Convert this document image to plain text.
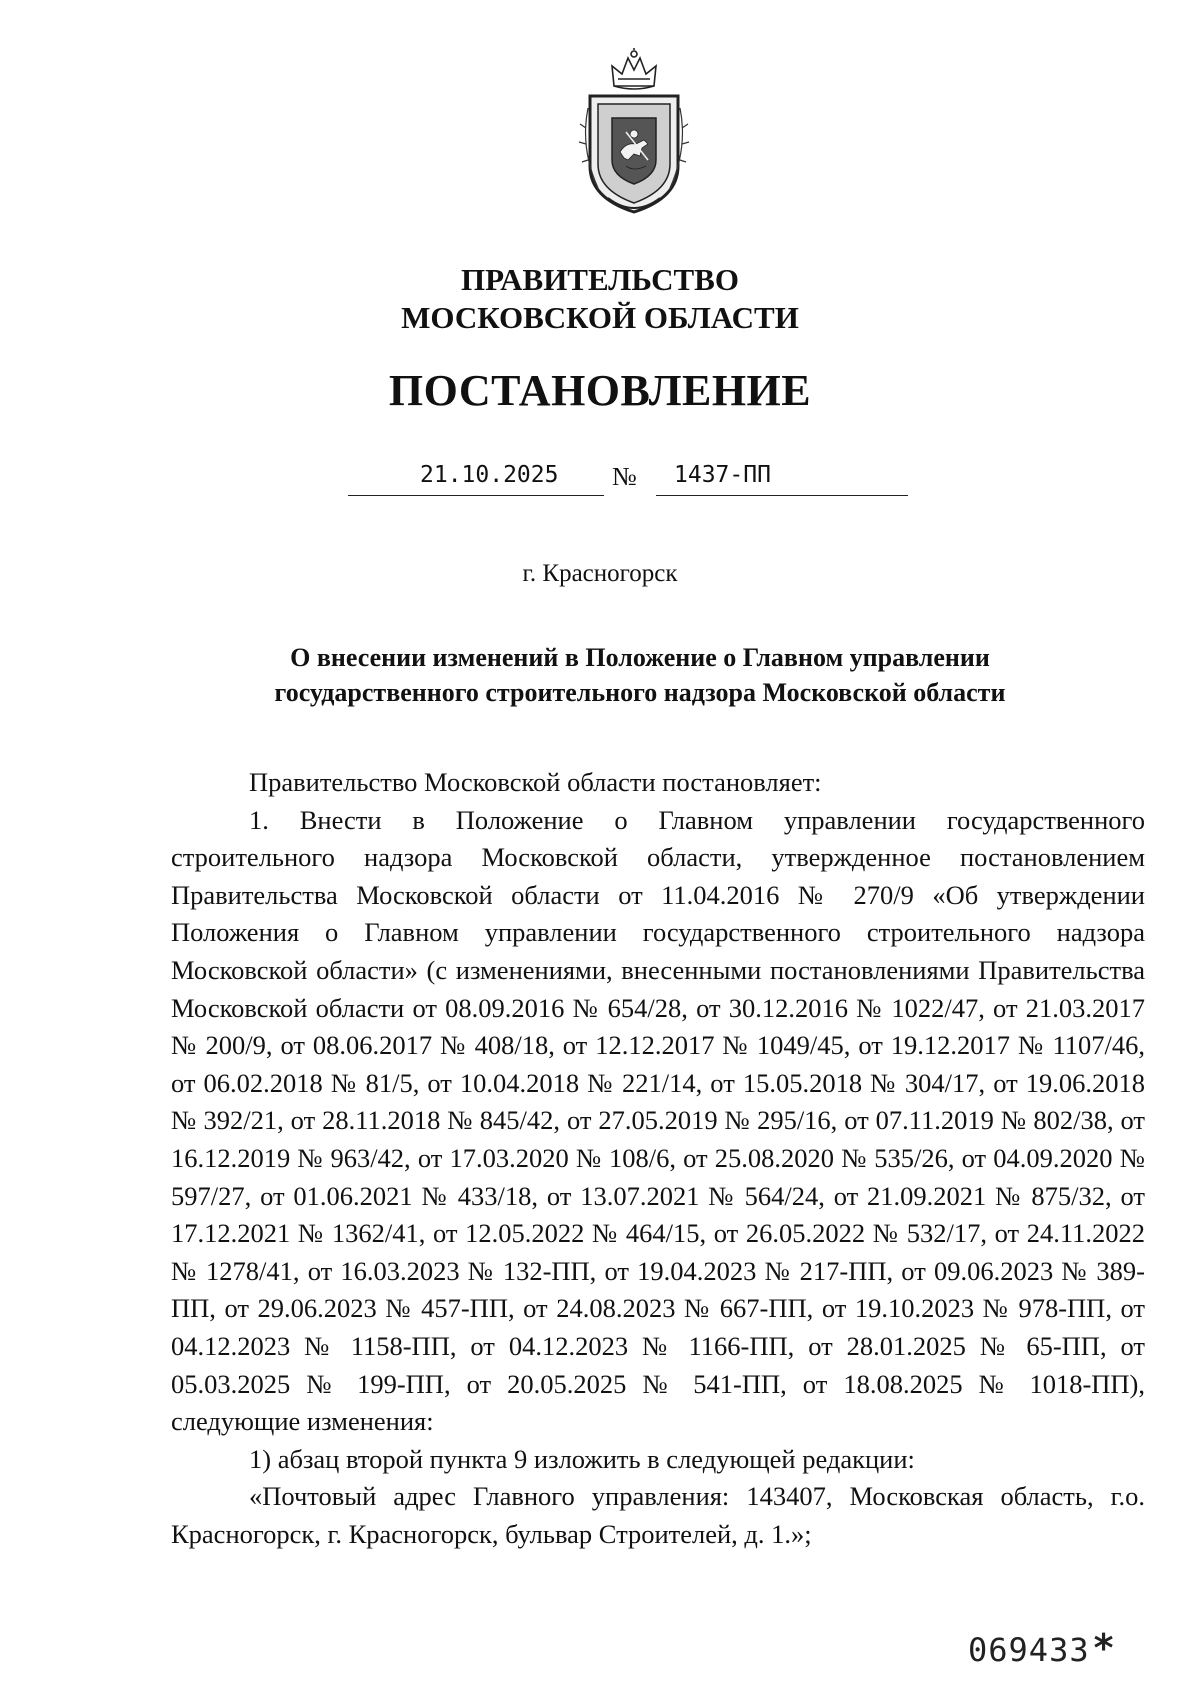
ПРАВИТЕЛЬСТВО
МОСКОВСКОЙ ОБЛАСТИ
ПОСТАНОВЛЕНИЕ
21.10.2025 № 1437-ПП
г. Красногорск
О внесении изменений в Положение о Главном управлении государственного строительного надзора Московской области

Правительство Московской области постановляет:

1. Внести в Положение о Главном управлении государственного строительного надзора Московской области, утвержденное постановлением Правительства Московской области от 11.04.2016 № 270/9 «Об утверждении Положения о Главном управлении государственного строительного надзора Московской области» (с изменениями, внесенными постановлениями Правительства Московской области от 08.09.2016 № 654/28, от 30.12.2016 № 1022/47, от 21.03.2017 № 200/9, от 08.06.2017 № 408/18, от 12.12.2017 № 1049/45, от 19.12.2017 № 1107/46, от 06.02.2018 № 81/5, от 10.04.2018 № 221/14, от 15.05.2018 № 304/17, от 19.06.2018 № 392/21, от 28.11.2018 № 845/42, от 27.05.2019 № 295/16, от 07.11.2019 № 802/38, от 16.12.2019 № 963/42, от 17.03.2020 № 108/6, от 25.08.2020 № 535/26, от 04.09.2020 № 597/27, от 01.06.2021 № 433/18, от 13.07.2021 № 564/24, от 21.09.2021 № 875/32, от 17.12.2021 № 1362/41, от 12.05.2022 № 464/15, от 26.05.2022 № 532/17, от 24.11.2022 № 1278/41, от 16.03.2023 № 132-ПП, от 19.04.2023 № 217-ПП, от 09.06.2023 № 389-ПП, от 29.06.2023 № 457-ПП, от 24.08.2023 № 667-ПП, от 19.10.2023 № 978-ПП, от 04.12.2023 № 1158-ПП, от 04.12.2023 № 1166-ПП, от 28.01.2025 № 65-ПП, от 05.03.2025 № 199-ПП, от 20.05.2025 № 541-ПП, от 18.08.2025 № 1018-ПП), следующие изменения:

1) абзац второй пункта 9 изложить в следующей редакции:

«Почтовый адрес Главного управления: 143407, Московская область, г.о. Красногорск, г. Красногорск, бульвар Строителей, д. 1.»;

069433 *
